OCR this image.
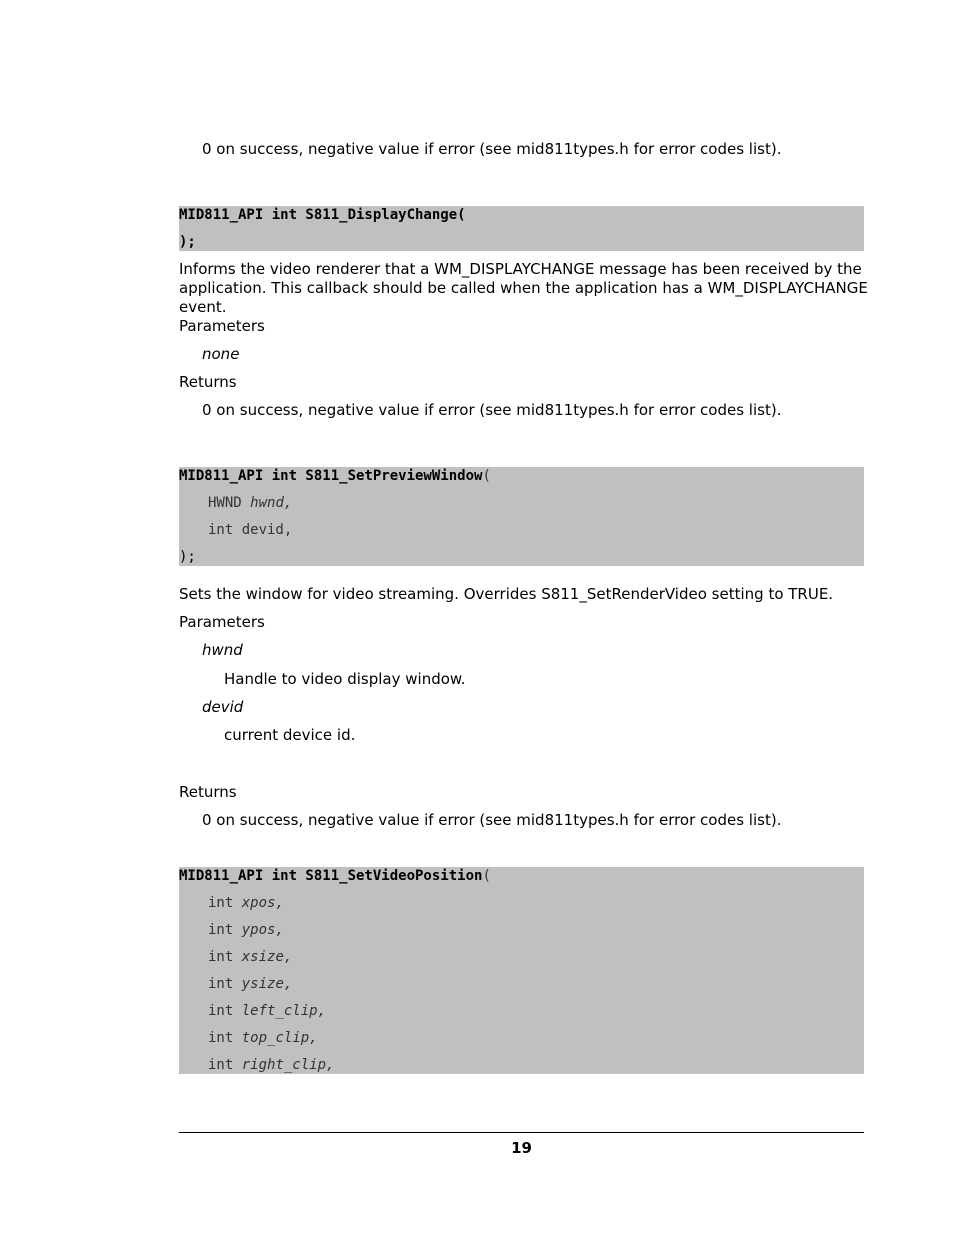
0 on success, negative value if error (see mid811types.h for error codes list).
MID811_API int S811_DisplayChange(
);
Informs the video renderer that a WM_DISPLAYCHANGE message has been received by the application. This callback should be called when the application has a WM_DISPLAYCHANGE event.
Parameters
none
Returns
0 on success, negative value if error (see mid811types.h for error codes list).
MID811_API int S811_SetPreviewWindow(
HWND hwnd,
int devid,
);
Sets the window for video streaming. Overrides S811_SetRenderVideo setting to TRUE.
Parameters
hwnd
Handle to video display window.
devid
current device id.
Returns
0 on success, negative value if error (see mid811types.h for error codes list).
MID811_API int S811_SetVideoPosition(
int xpos,
int ypos,
int xsize,
int ysize,
int left_clip,
int top_clip,
int right_clip,
19
